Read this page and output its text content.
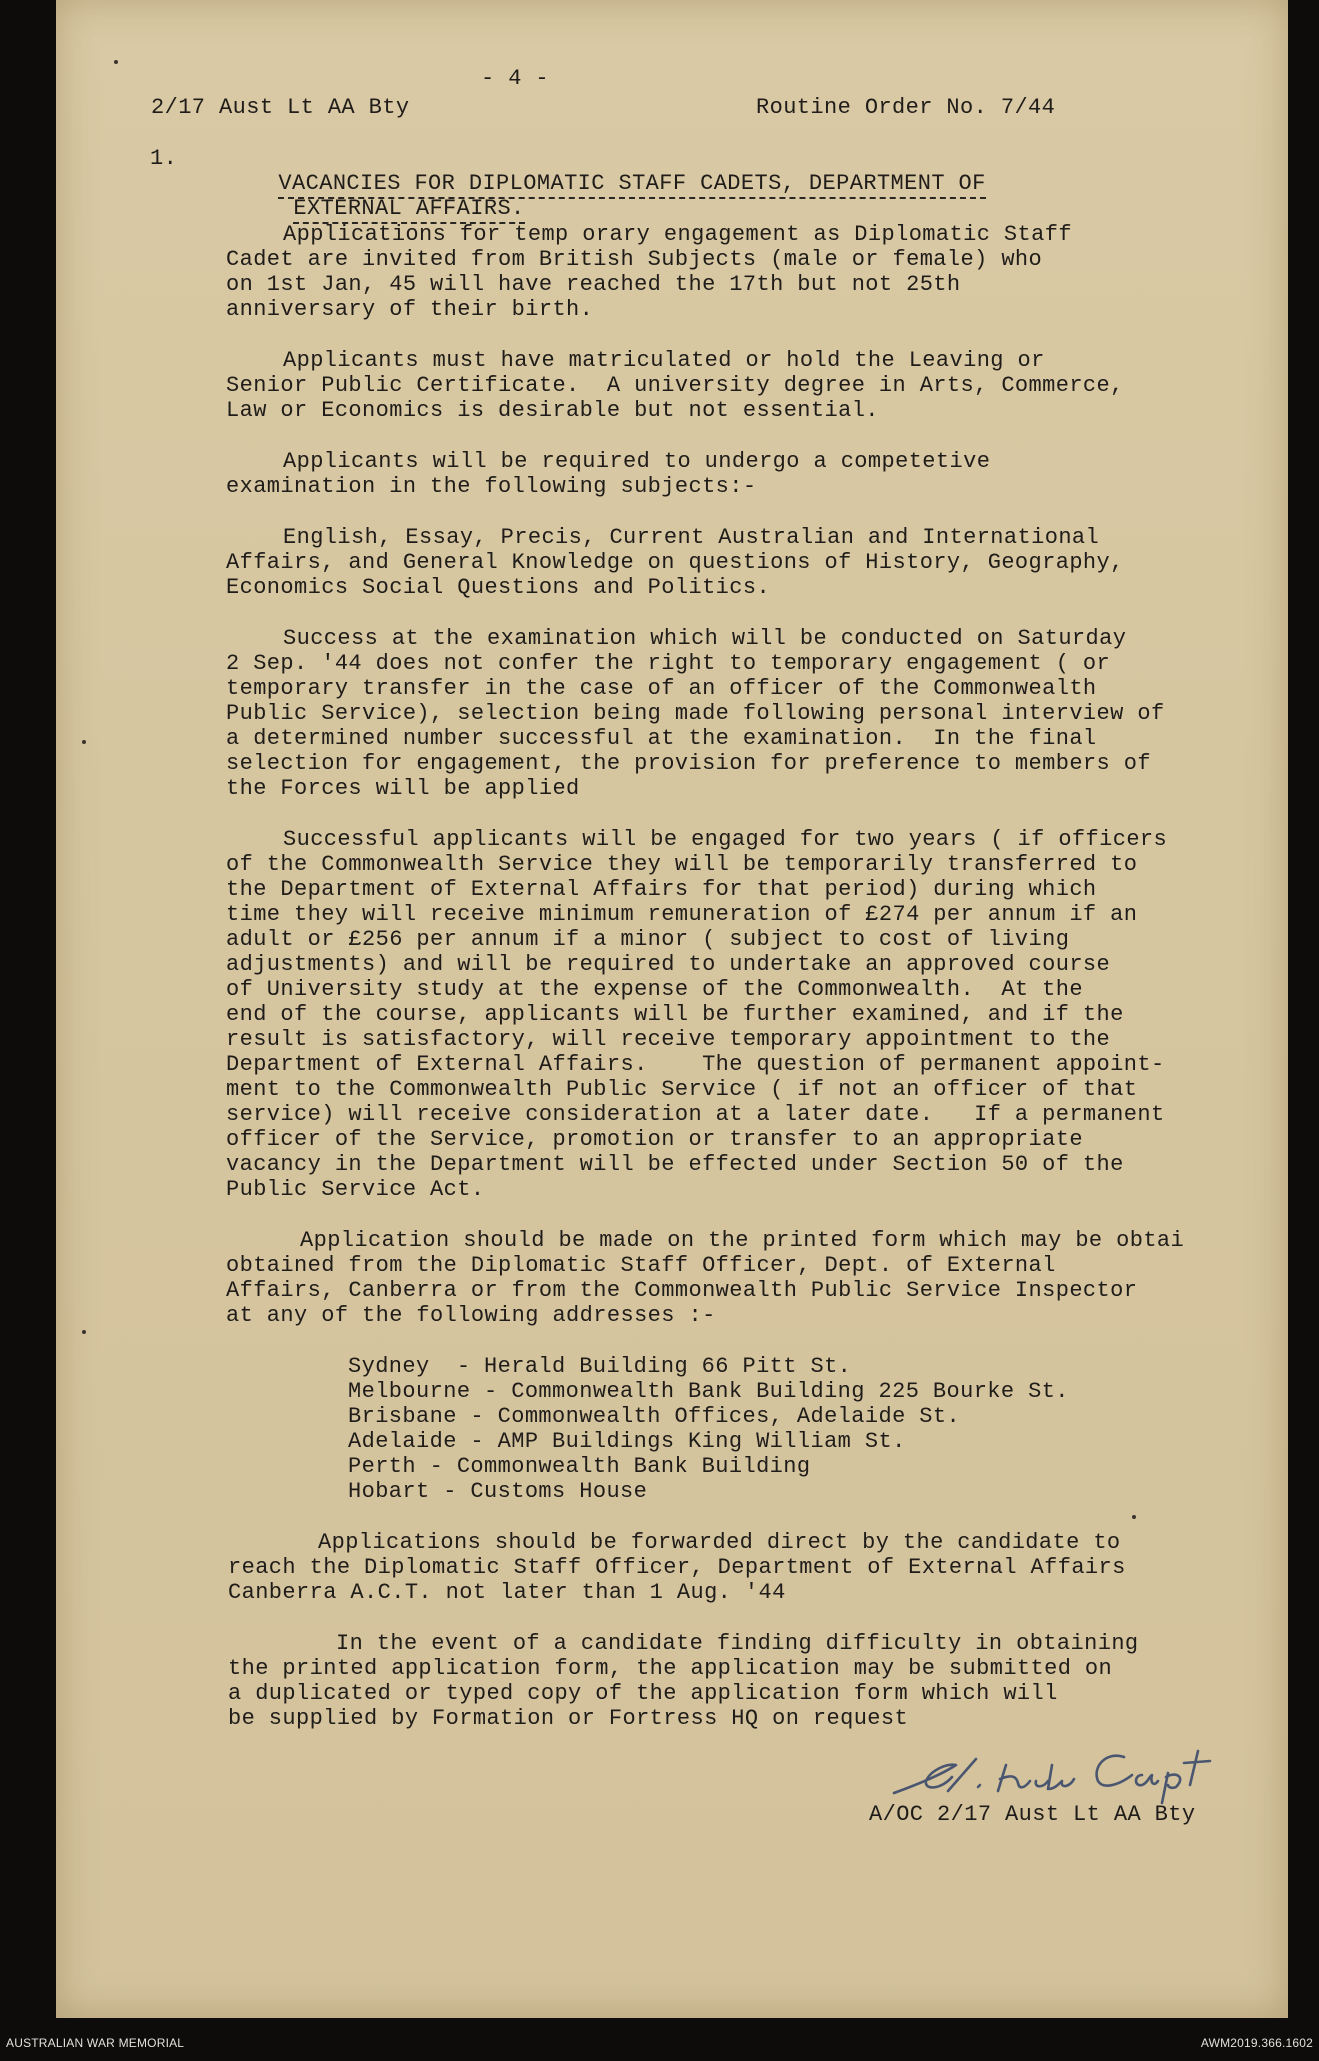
- 4 -
2/17 Aust Lt AA Bty	Routine Order No. 7/44
1.

VACANCIES FOR DIPLOMATIC STAFF CADETS, DEPARTMENT OF

EXTERNAL AFFAIRS.

Applications for temp orary engagement as Diplomatic Staff
Cadet are invited from British Subjects (male or female) who
on 1st Jan, 45 will have reached the 17th but not 25th
anniversary of their birth.
Applicants must have matriculated or hold the Leaving or
Senior Public Certificate.  A university degree in Arts, Commerce,
Law or Economics is desirable but not essential.
Applicants will be required to undergo a competetive
examination in the following subjects:-
English, Essay, Precis, Current Australian and International
Affairs, and General Knowledge on questions of History, Geography,
Economics Social Questions and Politics.
Success at the examination which will be conducted on Saturday
2 Sep. '44 does not confer the right to temporary engagement ( or
temporary transfer in the case of an officer of the Commonwealth
Public Service), selection being made following personal interview of
a determined number successful at the examination.  In the final
selection for engagement, the provision for preference to members of
the Forces will be applied
Successful applicants will be engaged for two years ( if officers
of the Commonwealth Service they will be temporarily transferred to
the Department of External Affairs for that period) during which
time they will receive minimum remuneration of £274 per annum if an
adult or £256 per annum if a minor ( subject to cost of living
adjustments) and will be required to undertake an approved course
of University study at the expense of the Commonwealth.  At the
end of the course, applicants will be further examined, and if the
result is satisfactory, will receive temporary appointment to the
Department of External Affairs.    The question of permanent appoint-
ment to the Commonwealth Public Service ( if not an officer of that
service) will receive consideration at a later date.   If a permanent
officer of the Service, promotion or transfer to an appropriate
vacancy in the Department will be effected under Section 50 of the
Public Service Act.
Application should be made on the printed form which may be obtai
obtained from the Diplomatic Staff Officer, Dept. of External
Affairs, Canberra or from the Commonwealth Public Service Inspector
at any of the following addresses :-
Sydney  - Herald Building 66 Pitt St.
Melbourne - Commonwealth Bank Building 225 Bourke St.
Brisbane - Commonwealth Offices, Adelaide St.
Adelaide - AMP Buildings King William St.
Perth - Commonwealth Bank Building
Hobart - Customs House
Applications should be forwarded direct by the candidate to
reach the Diplomatic Staff Officer, Department of External Affairs
Canberra A.C.T. not later than 1 Aug. '44
In the event of a candidate finding difficulty in obtaining
the printed application form, the application may be submitted on
a duplicated or typed copy of the application form which will
be supplied by Formation or Fortress HQ on request
A/OC 2/17 Aust Lt AA Bty
AUSTRALIAN WAR MEMORIAL	AWM2019.366.1602
